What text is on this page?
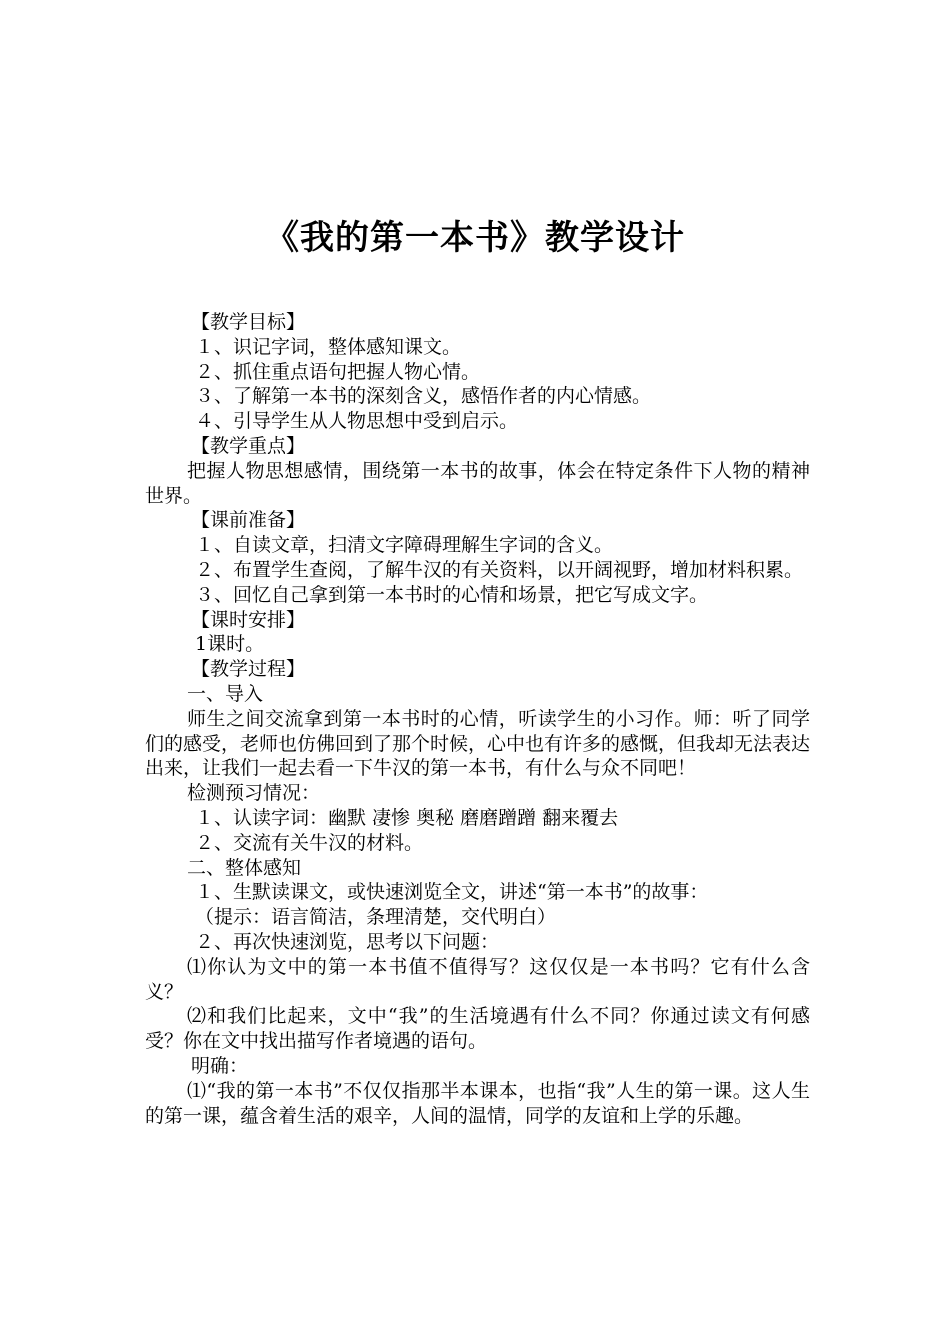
《我的第一本书》教学设计

【教学目标】

１、识记字词，整体感知课文。

２、抓住重点语句把握人物心情。

３、了解第一本书的深刻含义，感悟作者的内心情感。

４、引导学生从人物思想中受到启示。

【教学重点】

把握人物思想感情，围绕第一本书的故事，体会在特定条件下人物的精神世界。

【课前准备】

１、自读文章，扫清文字障碍理解生字词的含义。

２、布置学生查阅，了解牛汉的有关资料，以开阔视野，增加材料积累。

３、回忆自己拿到第一本书时的心情和场景，把它写成文字。

【课时安排】

1课时。

【教学过程】

一、导入

师生之间交流拿到第一本书时的心情，听读学生的小习作。师：听了同学们的感受，老师也仿佛回到了那个时候，心中也有许多的感慨，但我却无法表达出来，让我们一起去看一下牛汉的第一本书，有什么与众不同吧！

检测预习情况：

１、认读字词：幽默 凄惨 奥秘 磨磨蹭蹭 翻来覆去

２、交流有关牛汉的材料。

二、整体感知

１、生默读课文，或快速浏览全文，讲述“第一本书”的故事：

（提示：语言简洁，条理清楚，交代明白）

２、再次快速浏览，思考以下问题：

⑴你认为文中的第一本书值不值得写？这仅仅是一本书吗？它有什么含义？

⑵和我们比起来，文中“我”的生活境遇有什么不同？你通过读文有何感受？你在文中找出描写作者境遇的语句。

明确：

⑴“我的第一本书”不仅仅指那半本课本，也指“我”人生的第一课。这人生的第一课，蕴含着生活的艰辛，人间的温情，同学的友谊和上学的乐趣。
